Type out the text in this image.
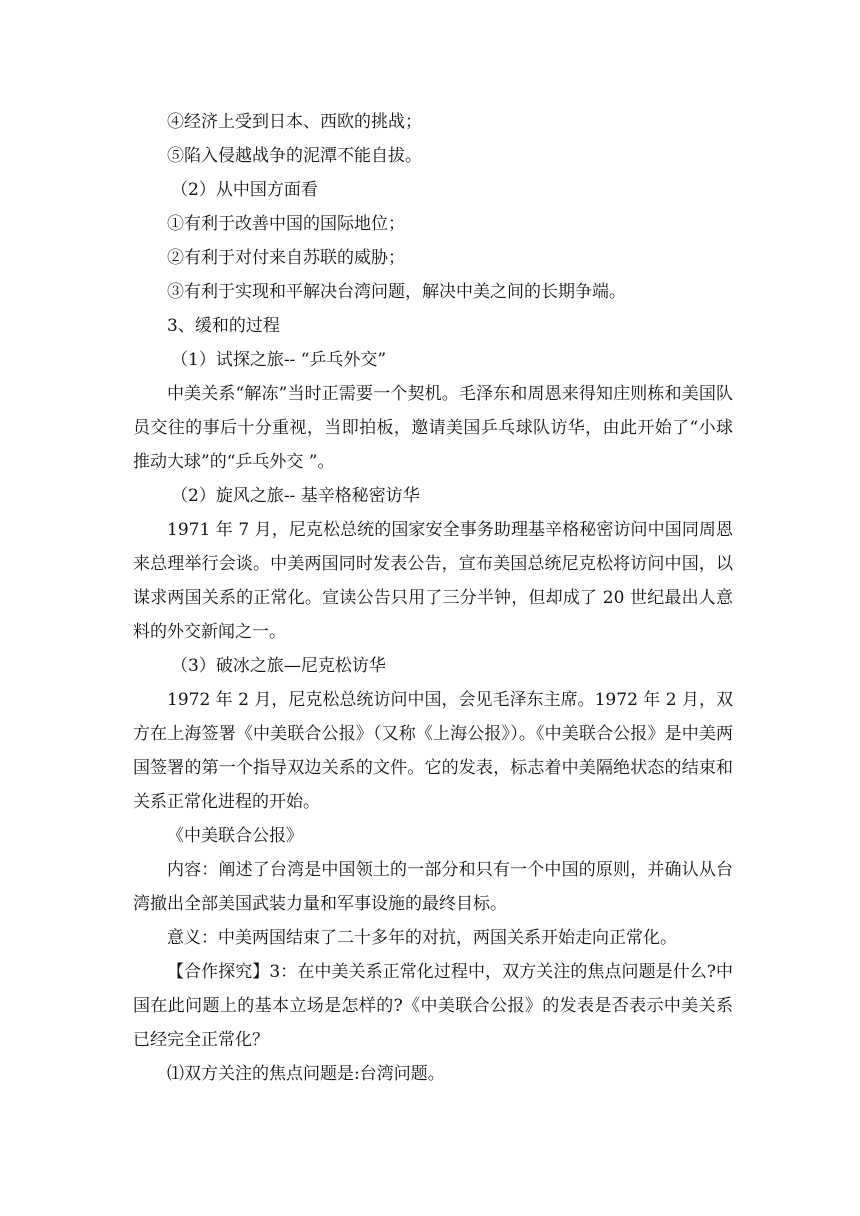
④经济上受到日本、西欧的挑战；
⑤陷入侵越战争的泥潭不能自拔。
（2）从中国方面看
①有利于改善中国的国际地位；
②有利于对付来自苏联的威胁；
③有利于实现和平解决台湾问题，解决中美之间的长期争端。
3、缓和的过程
（1）试探之旅-- “乒乓外交”
中美关系“解冻”当时正需要一个契机。毛泽东和周恩来得知庄则栋和美国队员交往的事后十分重视，当即拍板，邀请美国乒乓球队访华，由此开始了“小球推动大球”的“乒乓外交 ”。
（2）旋风之旅-- 基辛格秘密访华
1971 年 7 月，尼克松总统的国家安全事务助理基辛格秘密访问中国同周恩来总理举行会谈。中美两国同时发表公告，宣布美国总统尼克松将访问中国，以谋求两国关系的正常化。宣读公告只用了三分半钟，但却成了 20 世纪最出人意料的外交新闻之一。
（3）破冰之旅—尼克松访华
1972 年 2 月，尼克松总统访问中国，会见毛泽东主席。1972 年 2 月，双方在上海签署《中美联合公报》（又称《上海公报》）。《中美联合公报》是中美两国签署的第一个指导双边关系的文件。它的发表，标志着中美隔绝状态的结束和关系正常化进程的开始。
《中美联合公报》
内容：阐述了台湾是中国领土的一部分和只有一个中国的原则，并确认从台湾撤出全部美国武装力量和军事设施的最终目标。
意义：中美两国结束了二十多年的对抗，两国关系开始走向正常化。
【合作探究】3：在中美关系正常化过程中，双方关注的焦点问题是什么?中国在此问题上的基本立场是怎样的?《中美联合公报》的发表是否表示中美关系已经完全正常化？
⑴双方关注的焦点问题是:台湾问题。
